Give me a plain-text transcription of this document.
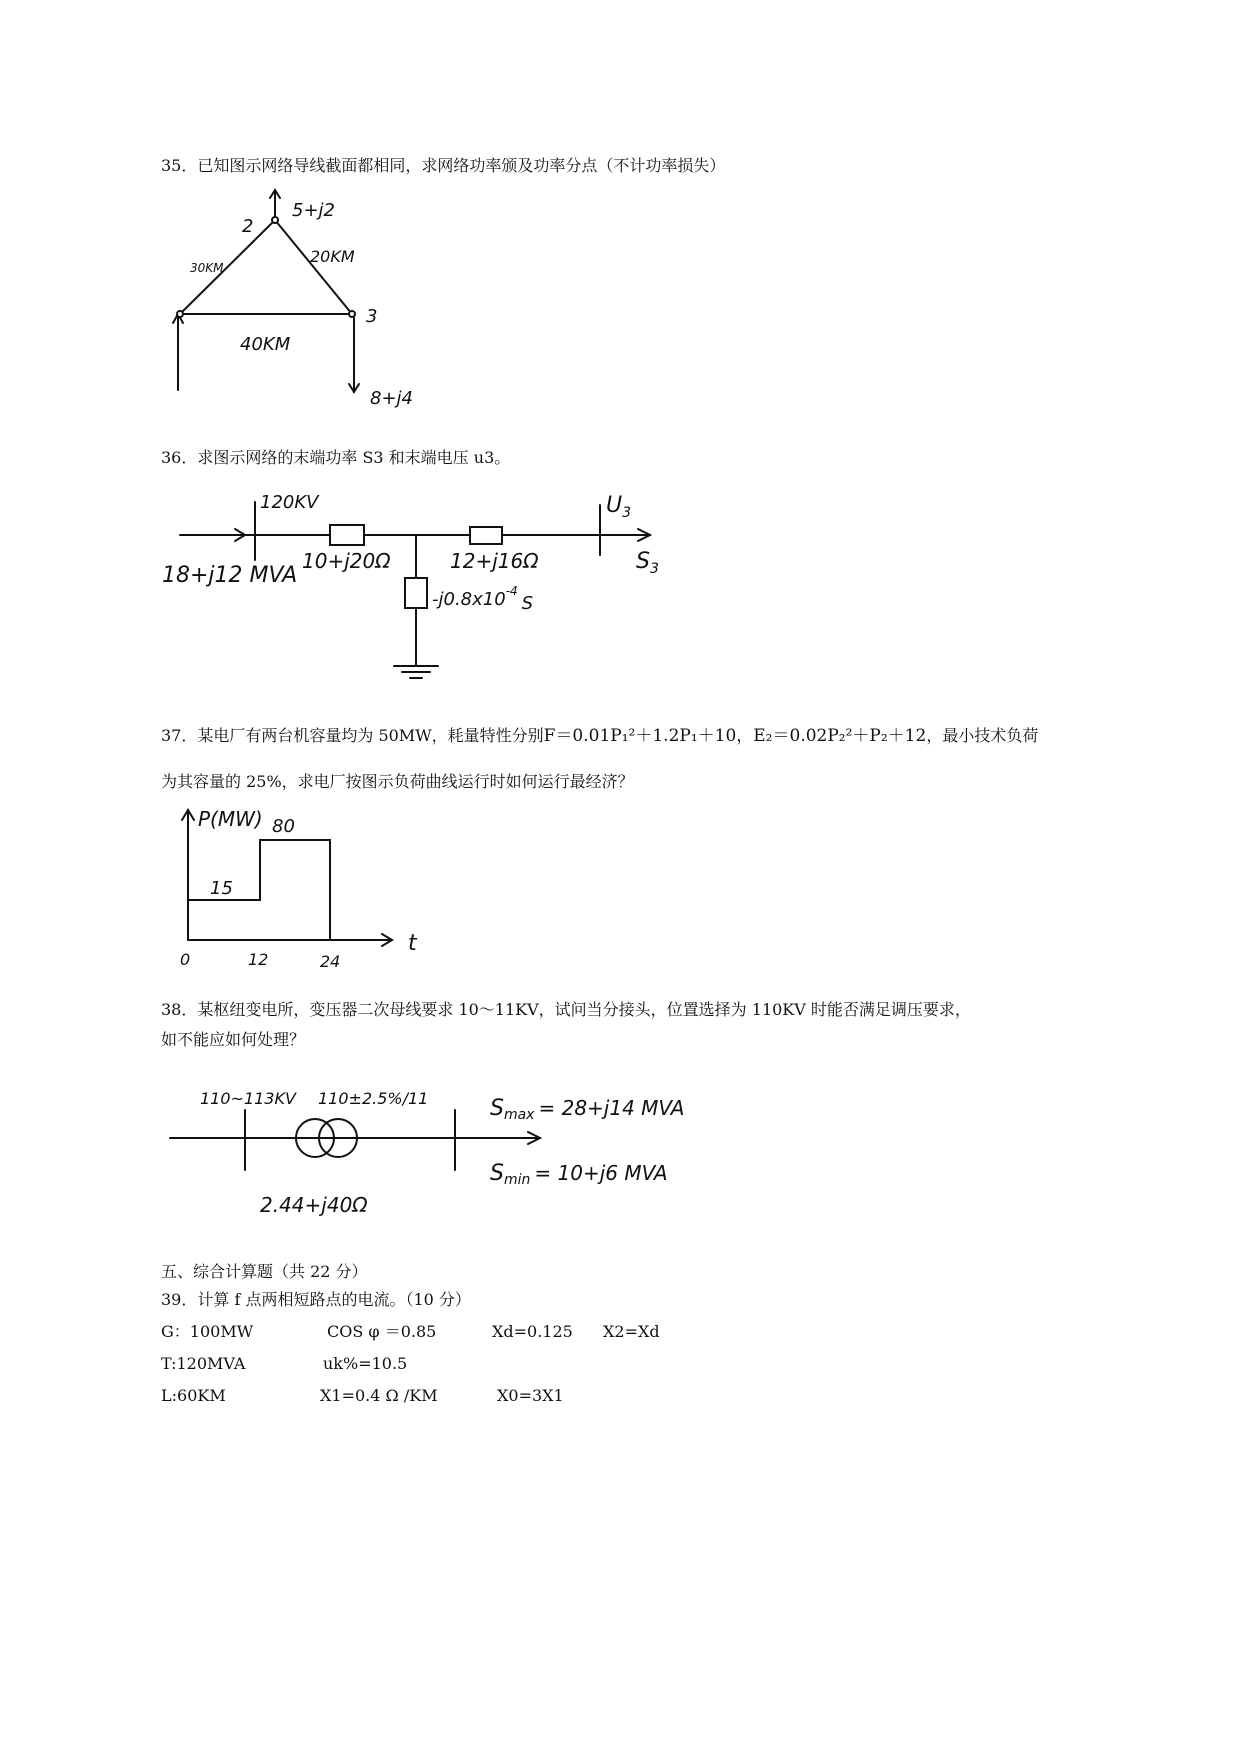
35．已知图示网络导线截面都相同，求网络功率颁及功率分点（不计功率损失）
2
5+j2
30KM
20KM
40KM
3
8+j4
36．求图示网络的末端功率 S3 和末端电压 u3。
120KV
18+j12 MVA
10+j20Ω	12+j16Ω
$-j0.8x10^{-4}S$
$U_3$
$S_3$
37．某电厂有两台机容量均为 50MW，耗量特性分别F＝0.01P₁²＋1.2P₁＋10，E₂＝0.02P₂²＋P₂＋12，最小技术负荷
为其容量的 25%，求电厂按图示负荷曲线运行时如何运行最经济？
P(MW) 80
15
0	12	24
t
38．某枢纽变电所，变压器二次母线要求 10～11KV，试问当分接头，位置选择为 110KV 时能否满足调压要求，
如不能应如何处理？
110~113KV 110±2.5%/11	Smax = 28+j14 MVA
Smin = 10+j6 MVA
2.44+j40Ω
五、综合计算题（共 22 分）
39．计算 f 点两相短路点的电流。（10 分）
G：100MW	COS φ ＝0.85	Xd=0.125 X2=Xd
T:120MVA	uk%=10.5
L:60KM	X1=0.4 Ω /KM	X0=3X1
